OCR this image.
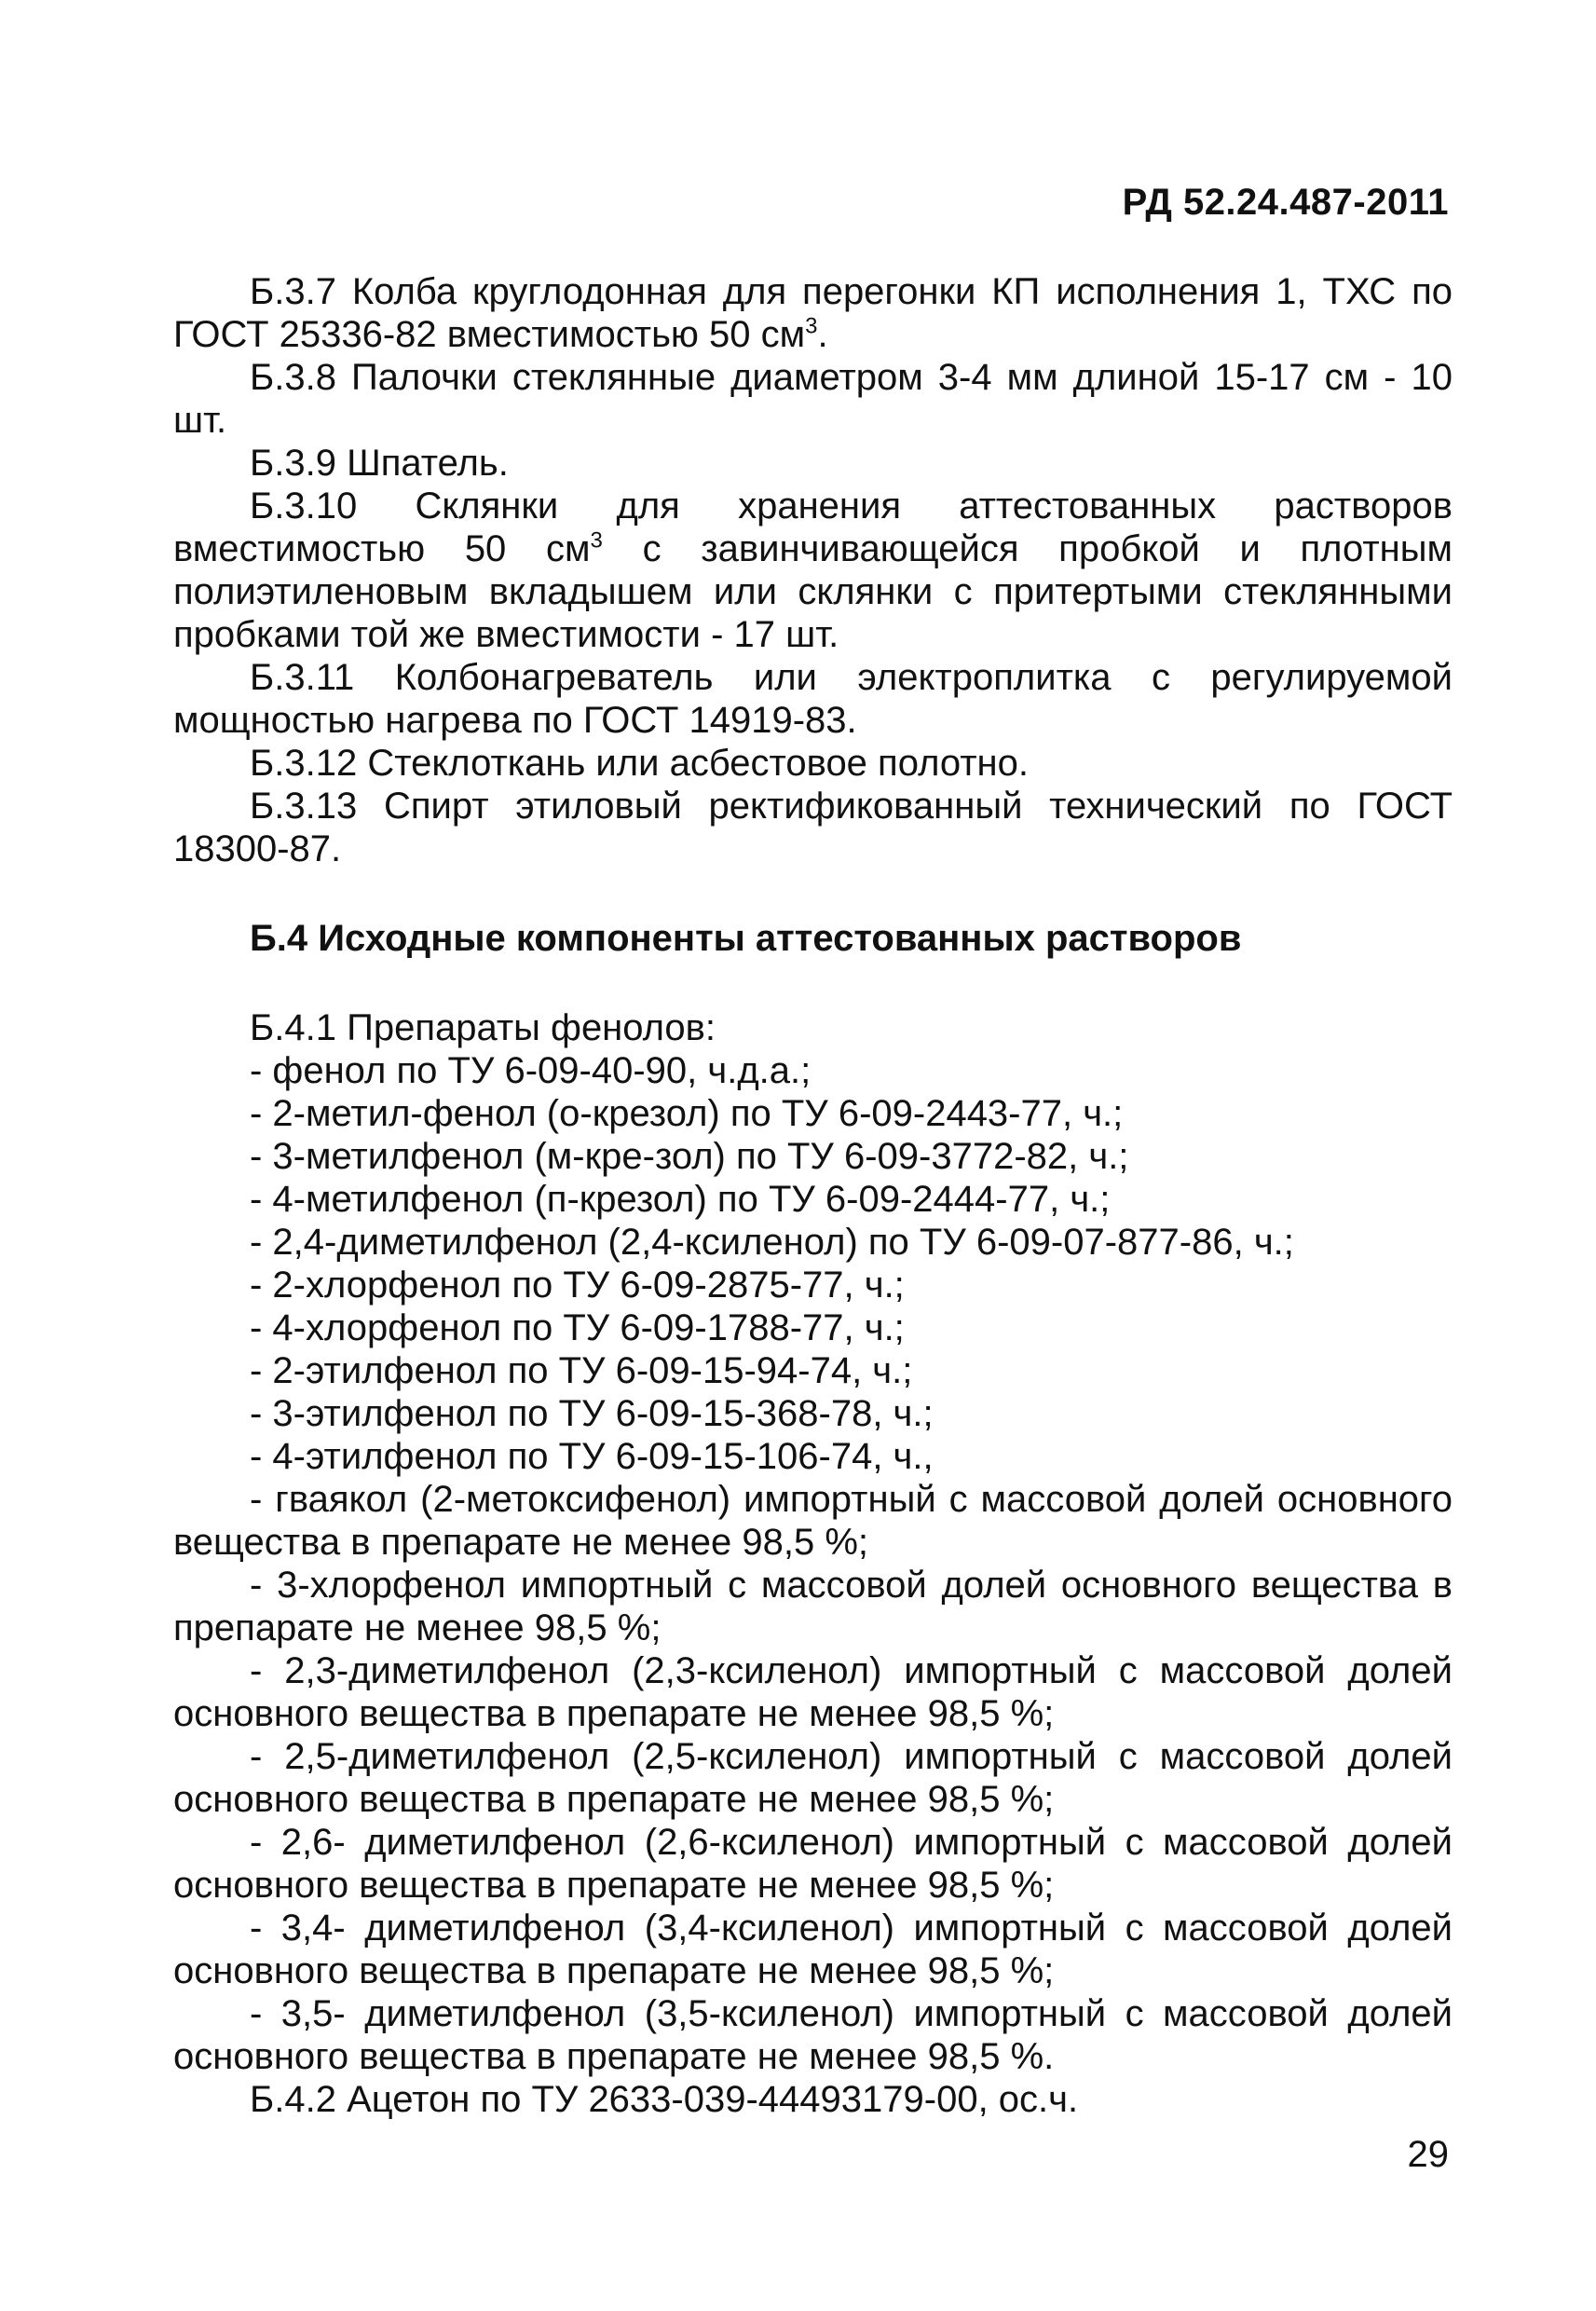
РД 52.24.487-2011

Б.3.7 Колба круглодонная для перегонки КП исполнения 1, ТХС по ГОСТ 25336-82 вместимостью 50 $см^3$.

Б.3.8 Палочки стеклянные диаметром 3-4 мм длиной 15-17 см - 10 шт.

Б.3.9 Шпатель.

Б.3.10 Склянки для хранения аттестованных растворов вместимостью 50 $см^3$ с завинчивающейся пробкой и плотным полиэтиленовым вкладышем или склянки с притертыми стеклянными пробками той же вместимости - 17 шт.

Б.3.11 Колбонагреватель или электроплитка с регулируемой мощностью нагрева по ГОСТ 14919-83.

Б.3.12 Стеклоткань или асбестовое полотно.

Б.3.13 Спирт этиловый ректификованный технический по ГОСТ 18300-87.

Б.4 Исходные компоненты аттестованных растворов

Б.4.1 Препараты фенолов:

- фенол по ТУ 6-09-40-90, ч.д.а.;
- 2-метил-фенол (о-крезол) по ТУ 6-09-2443-77, ч.;
- 3-метилфенол (м-кре-зол) по ТУ 6-09-3772-82, ч.;
- 4-метилфенол (п-крезол) по ТУ 6-09-2444-77, ч.;
- 2,4-диметилфенол (2,4-ксиленол) по ТУ 6-09-07-877-86, ч.;
- 2-хлорфенол по ТУ 6-09-2875-77, ч.;
- 4-хлорфенол по ТУ 6-09-1788-77, ч.;
- 2-этилфенол по ТУ 6-09-15-94-74, ч.;
- 3-этилфенол по ТУ 6-09-15-368-78, ч.;
- 4-этилфенол по ТУ 6-09-15-106-74, ч.,
- гваякол (2-метоксифенол) импортный с массовой долей основного вещества в препарате не менее 98,5 %;
- 3-хлорфенол импортный с массовой долей основного вещества в препарате не менее 98,5 %;
- 2,3-диметилфенол (2,3-ксиленол) импортный с массовой долей основного вещества в препарате не менее 98,5 %;
- 2,5-диметилфенол (2,5-ксиленол) импортный с массовой долей основного вещества в препарате не менее 98,5 %;
- 2,6- диметилфенол (2,6-ксиленол) импортный с массовой долей основного вещества в препарате не менее 98,5 %;
- 3,4- диметилфенол (3,4-ксиленол) импортный с массовой долей основного вещества в препарате не менее 98,5 %;
- 3,5- диметилфенол (3,5-ксиленол) импортный с массовой долей основного вещества в препарате не менее 98,5 %.

Б.4.2 Ацетон по ТУ 2633-039-44493179-00, ос.ч.

29
